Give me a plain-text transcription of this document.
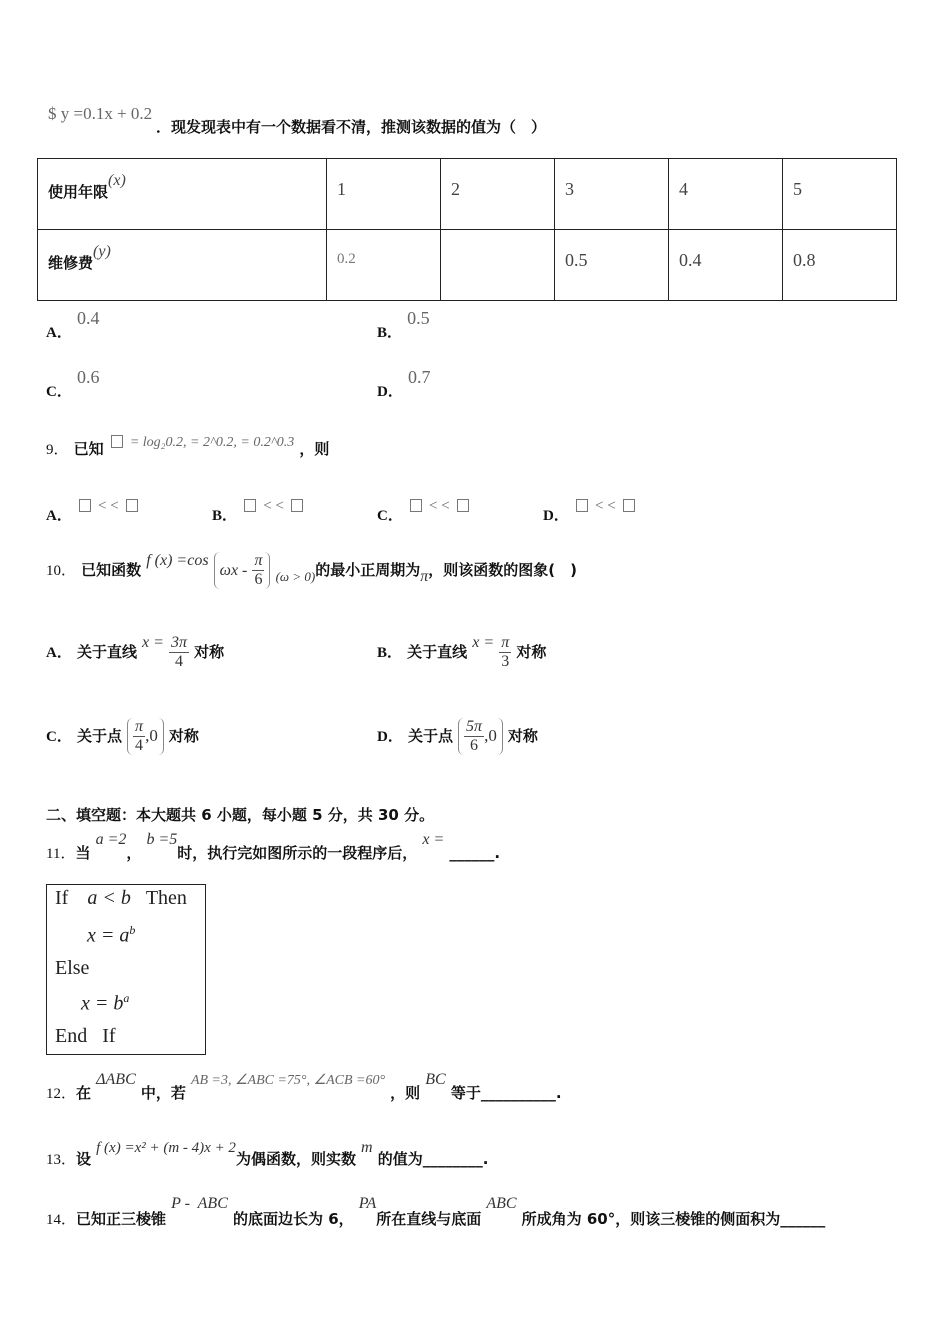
$ y =0.1x + 0.2
．现发现表中有一个数据看不清，推测该数据的值为（　）
使用年限(x)	1	2	3	4	5
维修费(y)	0.2		0.5	0.4	0.8
A． 0.4
B． 0.5
C． 0.6
D． 0.7
9． 已知 = log₂0.2, = 2^0.2, = 0.2^0.3 ，则
A．  < <
B．  < <
C．  < <
D．  < <
10． 已知函数 f (x) =cos ωx - $\frac{\pi}{6} _{(\omega > 0)}$的最小正周期为π，则该函数的图象(　)
A． 关于直线 $x = \frac{3\pi}{4}$ 对称	B． 关于直线 $x = \frac{\pi}{3}$ 对称
C． 关于点 $\frac{\pi}{4} ,0$ 对称	D． 关于点 $\frac{5\pi}{6} ,0$ 对称
二、填空题：本大题共 6 小题，每小题 5 分，共 30 分。
11．当 a =2， b =5时，执行完如图所示的一段程序后， x = ______.
If a < b Then
$x = a^b$
Else
$x = b^a$
End   If
12．在 ΔABC 中，若 AB =3, ∠ABC =75°, ∠ACB =60° ，则 BC 等于__________.
13．设 f (x) =x² + (m - 4)x + 2为偶函数，则实数 m 的值为________.
14．已知正三棱锥 P -  ABC 的底面边长为 6， PA所在直线与底面 ABC 所成角为 60°，则该三棱锥的侧面积为______
